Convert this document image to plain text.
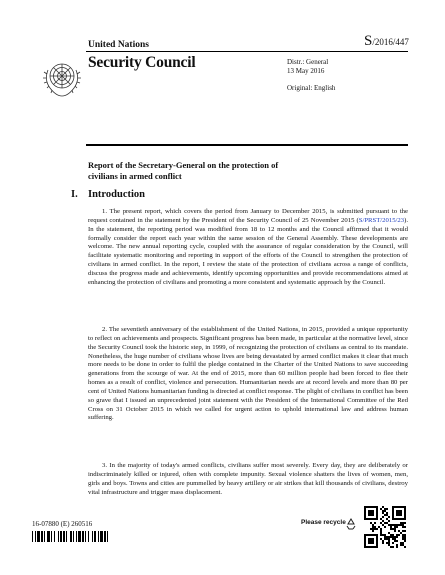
United Nations	S/2016/447
Security Council	Distr.: General
13 May 2016
Original: English
Report of the Secretary-General on the protection of civilians in armed conflict
I. Introduction

1. The present report, which covers the period from January to December 2015, is submitted pursuant to the request contained in the statement by the President of the Security Council of 25 November 2015 (S/PRST/2015/23). In the statement, the reporting period was modified from 18 to 12 months and the Council affirmed that it would formally consider the report each year within the same session of the General Assembly. These developments are welcome. The new annual reporting cycle, coupled with the assurance of regular consideration by the Council, will facilitate systematic monitoring and reporting in support of the efforts of the Council to strengthen the protection of civilians in armed conflict. In the report, I review the state of the protection of civilians across a range of conflicts, discuss the progress made and achievements, identify upcoming opportunities and provide recommendations aimed at enhancing the protection of civilians and promoting a more consistent and systematic approach by the Council.

2. The seventieth anniversary of the establishment of the United Nations, in 2015, provided a unique opportunity to reflect on achievements and prospects. Significant progress has been made, in particular at the normative level, since the Security Council took the historic step, in 1999, of recognizing the protection of civilians as central to its mandate. Nonetheless, the huge number of civilians whose lives are being devastated by armed conflict makes it clear that much more needs to be done in order to fulfil the pledge contained in the Charter of the United Nations to save succeeding generations from the scourge of war. At the end of 2015, more than 60 million people had been forced to flee their homes as a result of conflict, violence and persecution. Humanitarian needs are at record levels and more than 80 per cent of United Nations humanitarian funding is directed at conflict response. The plight of civilians in conflict has been so grave that I issued an unprecedented joint statement with the President of the International Committee of the Red Cross on 31 October 2015 in which we called for urgent action to uphold international law and address human suffering.

3. In the majority of today's armed conflicts, civilians suffer most severely. Every day, they are deliberately or indiscriminately killed or injured, often with complete impunity. Sexual violence shatters the lives of women, men, girls and boys. Towns and cities are pummelled by heavy artillery or air strikes that kill thousands of civilians, destroy vital infrastructure and trigger mass displacement.

16-07880 (E) 260516	Please recycle
